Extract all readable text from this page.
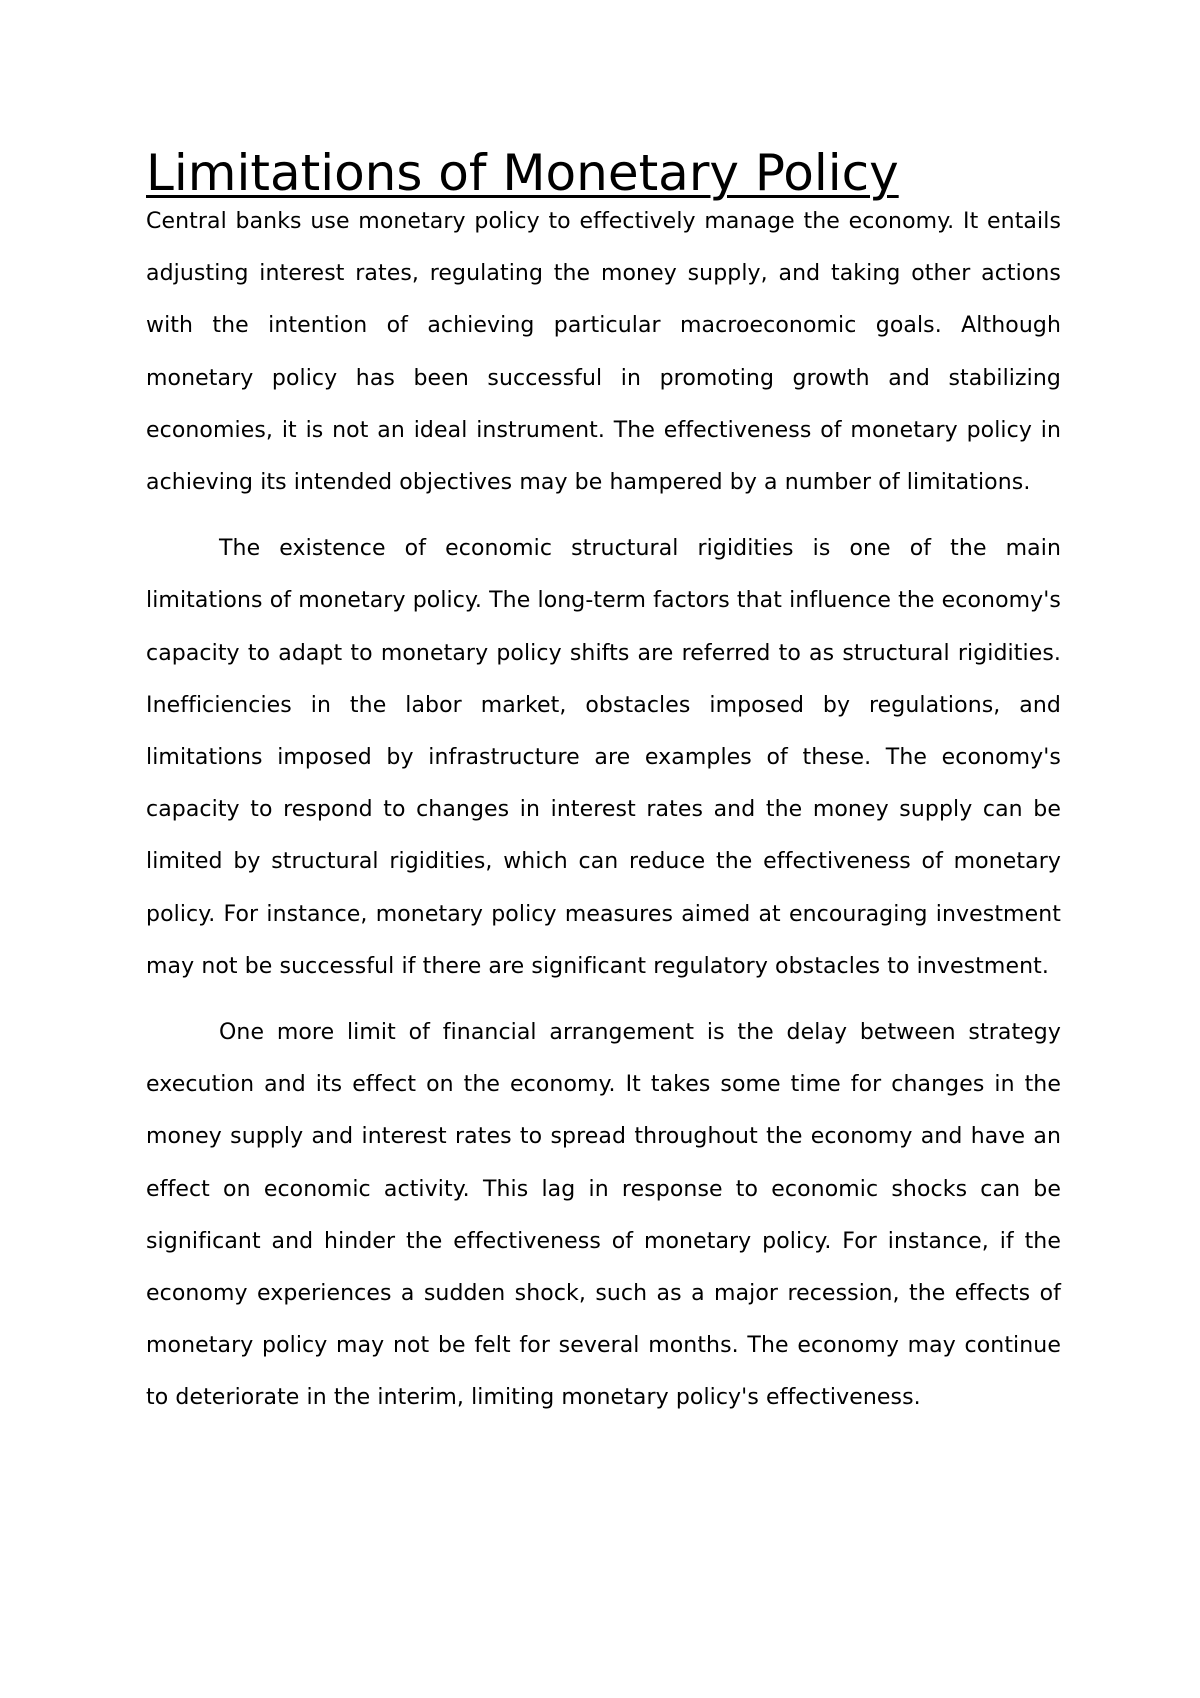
Limitations of Monetary Policy

Central banks use monetary policy to effectively manage the economy. It entails adjusting interest rates, regulating the money supply, and taking other actions with the intention of achieving particular macroeconomic goals. Although monetary policy has been successful in promoting growth and stabilizing economies, it is not an ideal instrument. The effectiveness of monetary policy in achieving its intended objectives may be hampered by a number of limitations.

The existence of economic structural rigidities is one of the main limitations of monetary policy. The long-term factors that influence the economy's capacity to adapt to monetary policy shifts are referred to as structural rigidities. Inefficiencies in the labor market, obstacles imposed by regulations, and limitations imposed by infrastructure are examples of these. The economy's capacity to respond to changes in interest rates and the money supply can be limited by structural rigidities, which can reduce the effectiveness of monetary policy. For instance, monetary policy measures aimed at encouraging investment may not be successful if there are significant regulatory obstacles to investment.

One more limit of financial arrangement is the delay between strategy execution and its effect on the economy. It takes some time for changes in the money supply and interest rates to spread throughout the economy and have an effect on economic activity. This lag in response to economic shocks can be significant and hinder the effectiveness of monetary policy. For instance, if the economy experiences a sudden shock, such as a major recession, the effects of monetary policy may not be felt for several months. The economy may continue to deteriorate in the interim, limiting monetary policy's effectiveness.
